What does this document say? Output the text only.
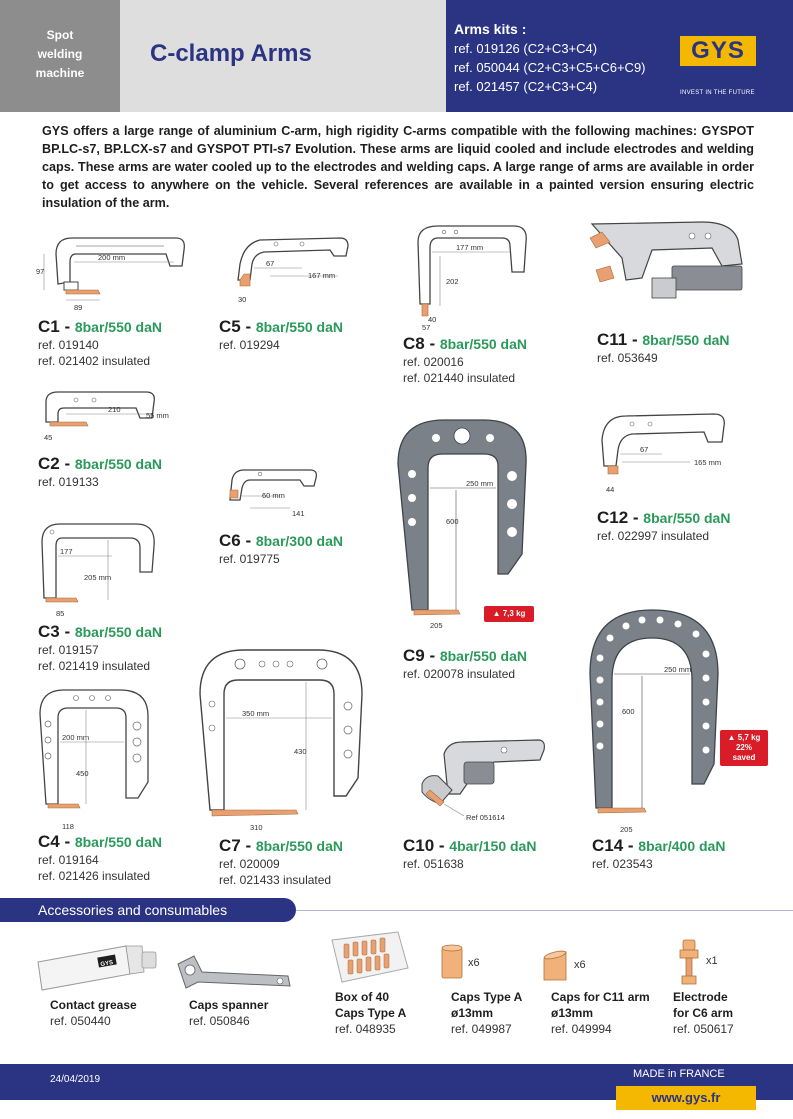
Spot
welding
machine
C-clamp Arms
Arms kits :
ref. 019126 (C2+C3+C4)
ref. 050044 (C2+C3+C5+C6+C9)
ref. 021457 (C2+C3+C4)
GYS
INVEST IN THE FUTURE
GYS offers a large range of aluminium C-arm, high rigidity C-arms compatible with the following machines: GYSPOT BP.LC-s7, BP.LCX-s7 and GYSPOT PTI-s7 Evolution. These arms are liquid cooled and include electrodes and welding caps. These arms are water cooled up to the electrodes and welding caps. A large range of arms are available in order to get access to anywhere on the vehicle. Several references are available in a painted version ensuring electric insulation of the arm.
200 mm
97
89
C1 - 8bar/550 daN
ref. 019140
ref. 021402 insulated
210
55 mm
45
C2 - 8bar/550 daN
ref. 019133
177
205 mm
85
C3 - 8bar/550 daN
ref. 019157
ref. 021419 insulated
200 mm
450
118
C4 - 8bar/550 daN
ref. 019164
ref. 021426 insulated
67
167 mm
30
C5 - 8bar/550 daN
ref. 019294
60 mm
141
C6 - 8bar/300 daN
ref. 019775
350 mm
430
310
C7 - 8bar/550 daN
ref. 020009
ref. 021433 insulated
177 mm
202
40
57
C8 - 8bar/550 daN
ref. 020016
ref. 021440 insulated
250 mm
600
205
▲ 7,3 kg
C9 - 8bar/550 daN
ref. 020078 insulated
Ref 051614
C10 - 4bar/150 daN
ref. 051638
C11 - 8bar/550 daN
ref. 053649
67
165 mm
44
C12 - 8bar/550 daN
ref. 022997 insulated
250 mm
600
205
▲ 5,7 kg
22% saved
C14 - 8bar/400 daN
ref. 023543
Accessories and consumables
GYS
Contact grease
ref. 050440
Caps spanner
ref. 050846
Box of 40
Caps Type A
ref. 048935
x6
Caps Type A
ø13mm
ref. 049987
x6
Caps for C11 arm
ø13mm
ref. 049994
x1
Electrode
for C6 arm
ref. 050617
24/04/2019	MADE in FRANCE
www.gys.fr
